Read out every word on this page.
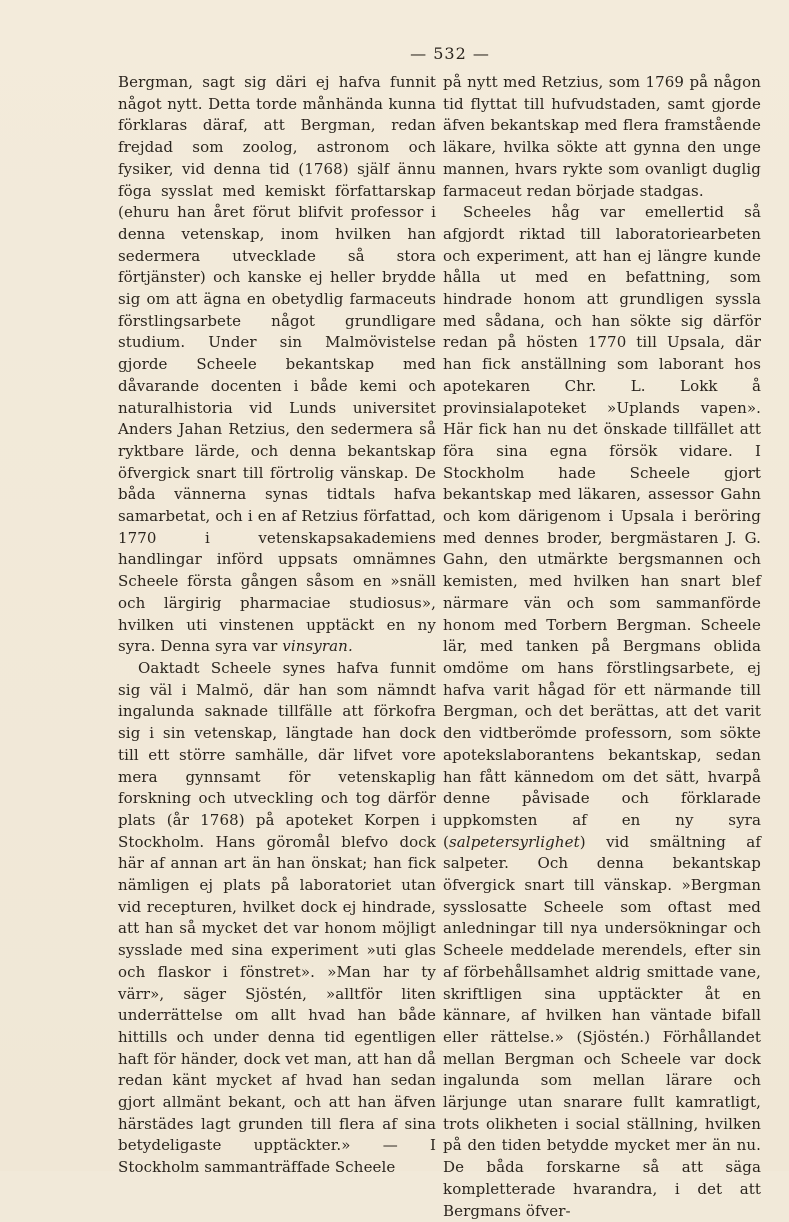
— 532 —

Bergman, sagt sig däri ej hafva funnit något nytt. Detta torde månhända kunna förklaras däraf, att Bergman, redan frejdad som zoolog, astronom och fysiker, vid denna tid (1768) själf ännu föga sysslat med kemiskt författarskap (ehuru han året förut blifvit professor i denna vetenskap, inom hvilken han sedermera utvecklade så stora förtjänster) och kanske ej heller brydde sig om att ägna en obetydlig farmaceuts förstlingsarbete något grundligare studium. Under sin Malmövistelse gjorde Scheele bekantskap med dåvarande docenten i både kemi och naturalhistoria vid Lunds universitet Anders Jahan Retzius, den sedermera så ryktbare lärde, och denna bekantskap öfvergick snart till förtrolig vänskap. De båda vännerna synas tidtals hafva samarbetat, och i en af Retzius författad, 1770 i vetenskapsakademiens handlingar införd uppsats omnämnes Scheele första gången såsom en »snäll och lärgirig pharmaciae studiosus», hvilken uti vinstenen upptäckt en ny syra. Denna syra var vinsyran.

Oaktadt Scheele synes hafva funnit sig väl i Malmö, där han som nämndt ingalunda saknade tillfälle att förkofra sig i sin vetenskap, längtade han dock till ett större samhälle, där lifvet vore mera gynnsamt för vetenskaplig forskning och utveckling och tog därför plats (år 1768) på apoteket Korpen i Stockholm. Hans göromål blefvo dock här af annan art än han önskat; han fick nämligen ej plats på laboratoriet utan vid recepturen, hvilket dock ej hindrade, att han så mycket det var honom möjligt sysslade med sina experiment »uti glas och flaskor i fönstret». »Man har ty värr», säger Sjöstén, »alltför liten underrättelse om allt hvad han både hittills och under denna tid egentligen haft för händer, dock vet man, att han då redan känt mycket af hvad han sedan gjort allmänt bekant, och att han äfven härstädes lagt grunden till flera af sina betydeligaste upptäckter.» — I Stockholm sammanträffade Scheele

på nytt med Retzius, som 1769 på någon tid flyttat till hufvudstaden, samt gjorde äfven bekantskap med flera framstående läkare, hvilka sökte att gynna den unge mannen, hvars rykte som ovanligt duglig farmaceut redan började stadgas.

Scheeles håg var emellertid så afgjordt riktad till laboratoriearbeten och experiment, att han ej längre kunde hålla ut med en befattning, som hindrade honom att grundligen syssla med sådana, och han sökte sig därför redan på hösten 1770 till Upsala, där han fick anställning som laborant hos apotekaren Chr. L. Lokk å provinsialapoteket »Uplands vapen». Här fick han nu det önskade tillfället att föra sina egna försök vidare. I Stockholm hade Scheele gjort bekantskap med läkaren, assessor Gahn och kom därigenom i Upsala i beröring med dennes broder, bergmästaren J. G. Gahn, den utmärkte bergsmannen och kemisten, med hvilken han snart blef närmare vän och som sammanförde honom med Torbern Bergman. Scheele lär, med tanken på Bergmans oblida omdöme om hans förstlingsarbete, ej hafva varit hågad för ett närmande till Bergman, och det berättas, att det varit den vidtberömde professorn, som sökte apotekslaborantens bekantskap, sedan han fått kännedom om det sätt, hvarpå denne påvisade och förklarade uppkomsten af en ny syra (salpetersyrlighet) vid smältning af salpeter. Och denna bekantskap öfvergick snart till vänskap. »Bergman sysslosatte Scheele som oftast med anledningar till nya undersökningar och Scheele meddelade merendels, efter sin af förbehållsamhet aldrig smittade vane, skriftligen sina upptäckter åt en kännare, af hvilken han väntade bifall eller rättelse.» (Sjöstén.) Förhållandet mellan Bergman och Scheele var dock ingalunda som mellan lärare och lärjunge utan snarare fullt kamratligt, trots olikheten i social ställning, hvilken på den tiden betydde mycket mer än nu. De båda forskarne så att säga kompletterade hvarandra, i det att Bergmans öfver-
